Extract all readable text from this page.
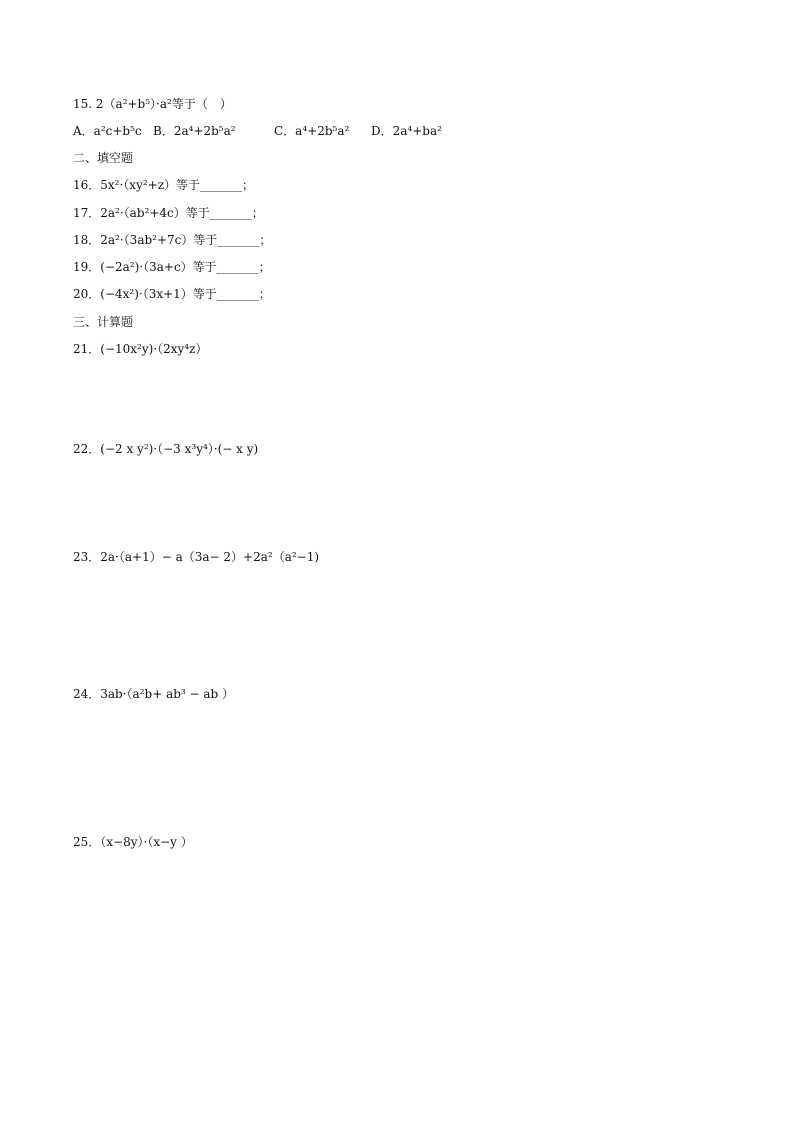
15. 2（a²+b⁵）·a²等于（　）
A．a²c+b⁵c B．2a⁴+2b⁵a²	C．a⁴+2b⁵a² D．2a⁴+ba²
二、填空题
16．5x²·（xy²+z）等于_______；
17．2a²·（ab²+4c）等于_______；
18．2a²·（3ab²+7c）等于_______；
19．(−2a²)·（3a+c）等于_______；
20．(−4x²)·（3x+1）等于_______；
三、计算题
21．(−10x²y)·（2xy⁴z）
22．(−2 x y²)·（−3 x³y⁴）·(− x y)
23．2a·（a+1）− a（3a− 2）+2a²（a²−1)
24．3ab·（a²b+ ab³ − ab ）
25．（x−8y）·（x−y ）
